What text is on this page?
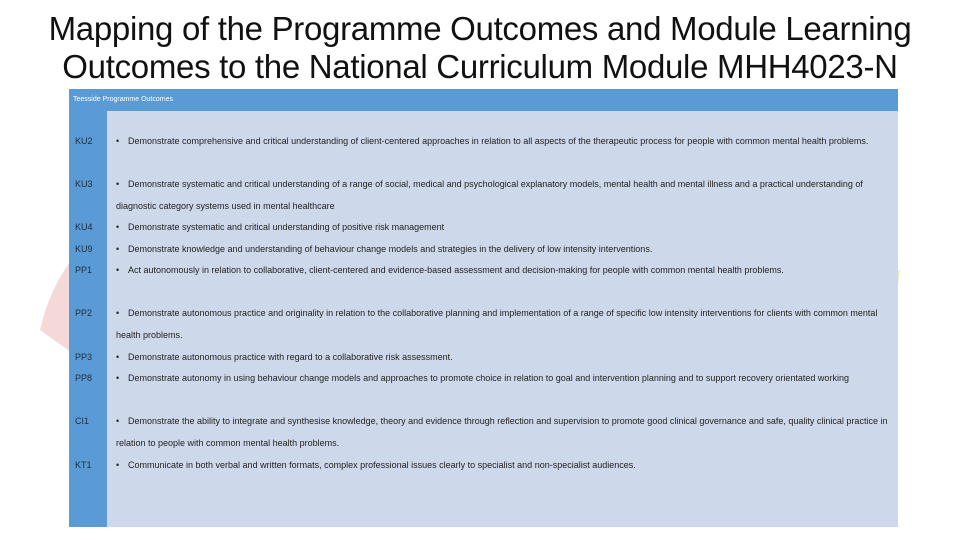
Mapping of the Programme Outcomes and Module Learning
Outcomes to the National Curriculum Module MHH4023-N
Teesside Programme Outcomes
KU2	• Demonstrate comprehensive and critical understanding of client-centered approaches in relation to all aspects of the therapeutic process for people with common mental health problems.
KU3	• Demonstrate systematic and critical understanding of a range of social, medical and psychological explanatory models, mental health and mental illness and a practical understanding of diagnostic category systems used in mental healthcare
KU4	• Demonstrate systematic and critical understanding of positive risk management
KU9	• Demonstrate knowledge and understanding of behaviour change models and strategies in the delivery of low intensity interventions.
PP1	• Act autonomously in relation to collaborative, client-centered and evidence-based assessment and decision-making for people with common mental health problems.
PP2	• Demonstrate autonomous practice and originality in relation to the collaborative planning and implementation of a range of specific low intensity interventions for clients with common mental health problems.
PP3	• Demonstrate autonomous practice with regard to a collaborative risk assessment.
PP8	• Demonstrate autonomy in using behaviour change models and approaches to promote choice in relation to goal and intervention planning and to support recovery orientated working
CI1	• Demonstrate the ability to integrate and synthesise knowledge, theory and evidence through reflection and supervision to promote good clinical governance and safe, quality clinical practice in relation to people with common mental health problems.
KT1	• Communicate in both verbal and written formats, complex professional issues clearly to specialist and non-specialist audiences.
